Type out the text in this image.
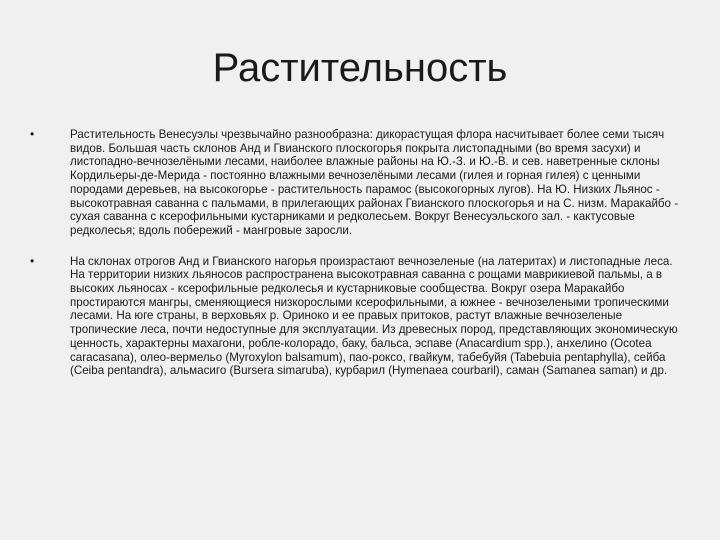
Растительность
•	Растительность Венесуэлы чрезвычайно разнообразна: дикорастущая флора насчитывает более семи тысяч видов. Большая часть склонов Анд и Гвианского плоскогорья покрыта листопадными (во время засухи) и листопадно-вечнозелёными лесами, наиболее влажные районы на Ю.-З. и Ю.-В. и сев. наветренные склоны Кордильеры-де-Мерида - постоянно влажными вечнозелёными лесами (гилея и горная гилея) с ценными породами деревьев, на высокогорье - растительность парамос (высокогорных лугов). На Ю. Низких Льянос - высокотравная саванна с пальмами, в прилегающих районах Гвианского плоскогорья и на С. низм. Маракайбо - сухая саванна с ксерофильными кустарниками и редколесьем. Вокруг Венесуэльского зал. - кактусовые редколесья; вдоль побережий - мангровые заросли.
•	На склонах отрогов Анд и Гвианского нагорья произрастают вечнозеленые (на латеритах) и листопадные леса. На территории низких льяносов распространена высокотравная саванна с рощами маврикиевой пальмы, а в высоких льяносах - ксерофильные редколесья и кустарниковые сообщества. Вокруг озера Маракайбо простираются мангры, сменяющиеся низкорослыми ксерофильными, а южнее - вечнозелеными тропическими лесами. На юге страны, в верховьях р. Ориноко и ее правых притоков, растут влажные вечнозеленые тропические леса, почти недоступные для эксплуатации. Из древесных пород, представляющих экономическую ценность, характерны махагони, робле-колорадо, баку, бальса, эспаве (Anacardium spp.), анхелино (Ocotea caracasana), олео-вермельо (Myroxylon balsamum), пао-роксо, гвайкум, табебуйя (Tabebuia pentaphylla), сейба (Ceiba pentandra), альмасиго (Bursera simaruba), курбарил (Hymenaea courbaril), саман (Samanea saman) и др.
